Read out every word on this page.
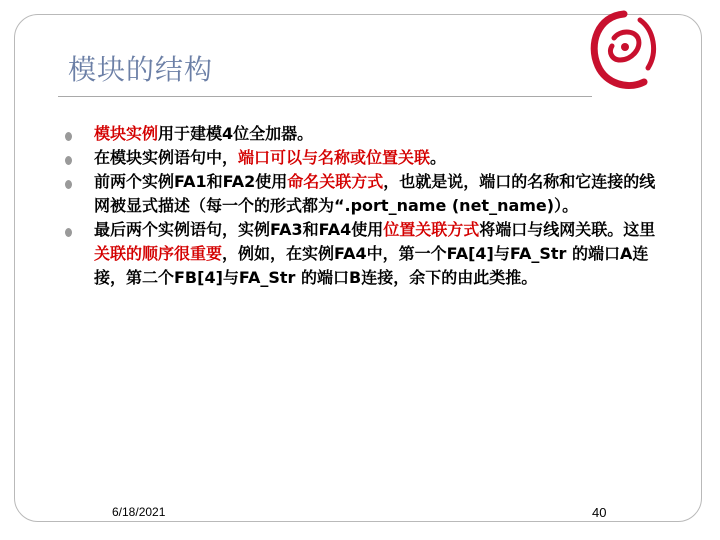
模块的结构
模块实例用于建模4位全加器。
在模块实例语句中，端口可以与名称或位置关联。
前两个实例FA1和FA2使用命名关联方式，也就是说，端口的名称和它连接的线网被显式描述（每一个的形式都为“.port_name (net_name)）。
最后两个实例语句，实例FA3和FA4使用位置关联方式将端口与线网关联。这里关联的顺序很重要，例如，在实例FA4中，第一个FA[4]与FA_Str 的端口A连接，第二个FB[4]与FA_Str 的端口B连接，余下的由此类推。
6/18/2021	40
